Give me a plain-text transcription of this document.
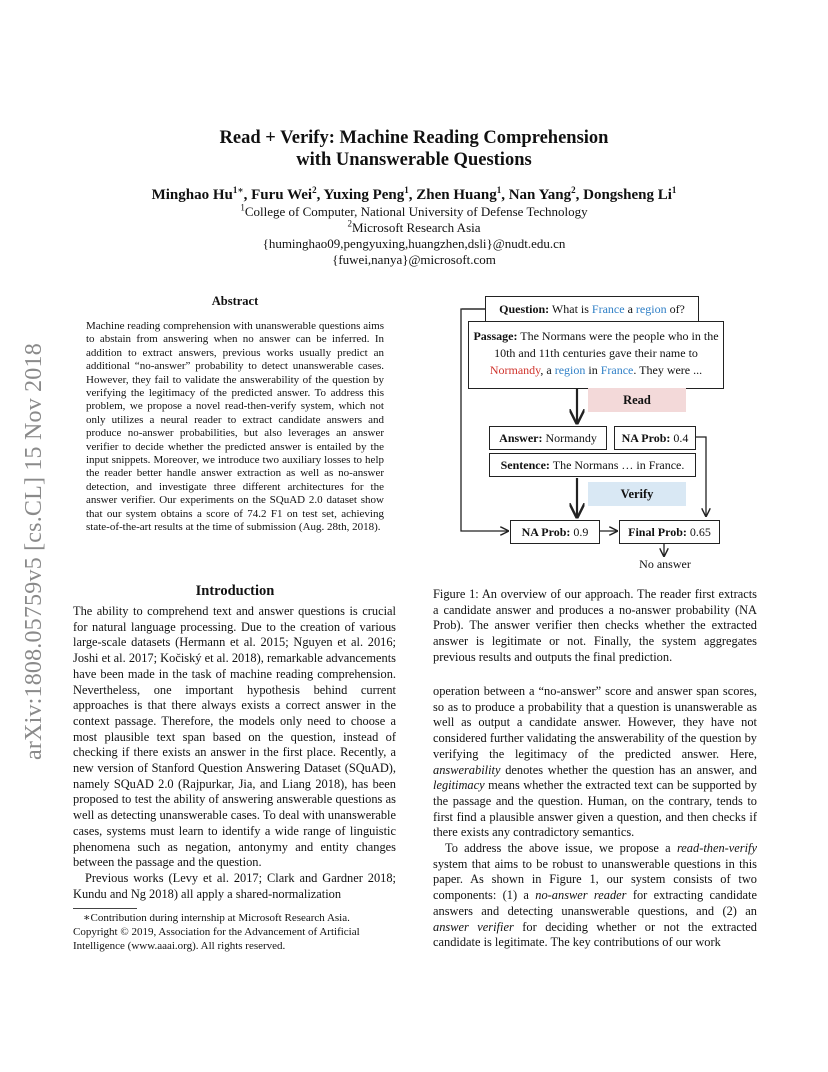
Read + Verify: Machine Reading Comprehension
with Unanswerable Questions
Minghao $Hu^{1∗}$, Furu Wei$^2$, Yuxing Peng$^1$, Zhen Huang$^1$, Nan Yang$^2$, Dongsheng Li$^1$
$^1$College of Computer, National University of Defense Technology
$^2$Microsoft Research Asia
{huminghao09,pengyuxing,huangzhen,dsli}@nudt.edu.cn
{fuwei,nanya}@microsoft.com
arXiv:1808.05759v5 [cs.CL] 15 Nov 2018
Abstract
Machine reading comprehension with unanswerable questions aims to abstain from answering when no answer can be inferred. In addition to extract answers, previous works usually predict an additional “no-answer” probability to detect unanswerable cases. However, they fail to validate the answerability of the question by verifying the legitimacy of the predicted answer. To address this problem, we propose a novel read-then-verify system, which not only utilizes a neural reader to extract candidate answers and produce no-answer probabilities, but also leverages an answer verifier to decide whether the predicted answer is entailed by the input snippets. Moreover, we introduce two auxiliary losses to help the reader better handle answer extraction as well as no-answer detection, and investigate three different architectures for the answer verifier. Our experiments on the SQuAD 2.0 dataset show that our system obtains a score of 74.2 F1 on test set, achieving state-of-the-art results at the time of submission (Aug. 28th, 2018).
Introduction

The ability to comprehend text and answer questions is crucial for natural language processing. Due to the creation of various large-scale datasets (Hermann et al. 2015; Nguyen et al. 2016; Joshi et al. 2017; Kočiský et al. 2018), remarkable advancements have been made in the task of machine reading comprehension. Nevertheless, one important hypothesis behind current approaches is that there always exists a correct answer in the context passage. Therefore, the models only need to choose a most plausible text span based on the question, instead of checking if there exists an answer in the first place. Recently, a new version of Stanford Question Answering Dataset (SQuAD), namely SQuAD 2.0 (Rajpurkar, Jia, and Liang 2018), has been proposed to test the ability of answering answerable questions as well as detecting unanswerable cases. To deal with unanswerable cases, systems must learn to identify a wide range of linguistic phenomena such as negation, antonymy and entity changes between the passage and the question.

Previous works (Levy et al. 2017; Clark and Gardner 2018; Kundu and Ng 2018) all apply a shared-normalization

∗Contribution during internship at Microsoft Research Asia.
Copyright © 2019, Association for the Advancement of Artificial Intelligence (www.aaai.org). All rights reserved.
Question: What is France a region of?
Passage: The Normans were the people who in the 10th and 11th centuries gave their name to Normandy, a region in France. They were ...
Read
Answer: Normandy	NA Prob: 0.4
Sentence: The Normans … in France.
Verify
NA Prob: 0.9	Final Prob: 0.65
No answer
Figure 1: An overview of our approach. The reader first extracts a candidate answer and produces a no-answer probability (NA Prob). The answer verifier then checks whether the extracted answer is legitimate or not. Finally, the system aggregates previous results and outputs the final prediction.

operation between a “no-answer” score and answer span scores, so as to produce a probability that a question is unanswerable as well as output a candidate answer. However, they have not considered further validating the answerability of the question by verifying the legitimacy of the predicted answer. Here, answerability denotes whether the question has an answer, and legitimacy means whether the extracted text can be supported by the passage and the question. Human, on the contrary, tends to first find a plausible answer given a question, and then checks if there exists any contradictory semantics.

To address the above issue, we propose a read-then-verify system that aims to be robust to unanswerable questions in this paper. As shown in Figure 1, our system consists of two components: (1) a no-answer reader for extracting candidate answers and detecting unanswerable questions, and (2) an answer verifier for deciding whether or not the extracted candidate is legitimate. The key contributions of our work
